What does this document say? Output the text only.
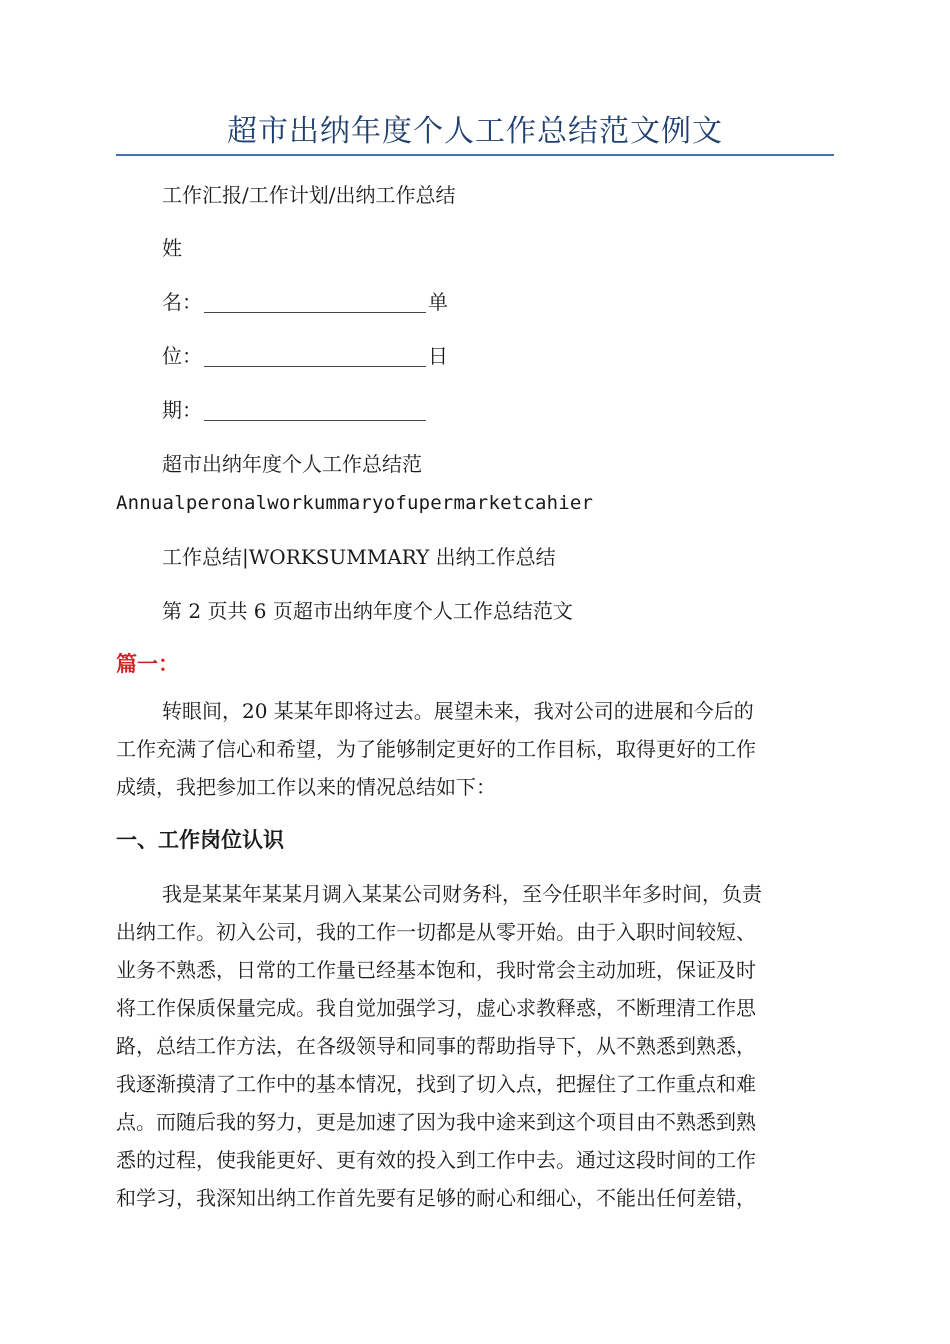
超市出纳年度个人工作总结范文例文
工作汇报/工作计划/出纳工作总结
姓
名：	单
位：	日
期：
超市出纳年度个人工作总结范
Annualperonalworkummaryofupermarketcahier
工作总结|WORKSUMMARY 出纳工作总结
第 2 页共 6 页超市出纳年度个人工作总结范文
篇一：
转眼间，20 某某年即将过去。展望未来，我对公司的进展和今后的
工作充满了信心和希望，为了能够制定更好的工作目标，取得更好的工作
成绩，我把参加工作以来的情况总结如下：
一、工作岗位认识
我是某某年某某月调入某某公司财务科，至今任职半年多时间，负责
出纳工作。初入公司，我的工作一切都是从零开始。由于入职时间较短、
业务不熟悉，日常的工作量已经基本饱和，我时常会主动加班，保证及时
将工作保质保量完成。我自觉加强学习，虚心求教释惑，不断理清工作思
路，总结工作方法，在各级领导和同事的帮助指导下，从不熟悉到熟悉，
我逐渐摸清了工作中的基本情况，找到了切入点，把握住了工作重点和难
点。而随后我的努力，更是加速了因为我中途来到这个项目由不熟悉到熟
悉的过程，使我能更好、更有效的投入到工作中去。通过这段时间的工作
和学习，我深知出纳工作首先要有足够的耐心和细心，不能出任何差错，
